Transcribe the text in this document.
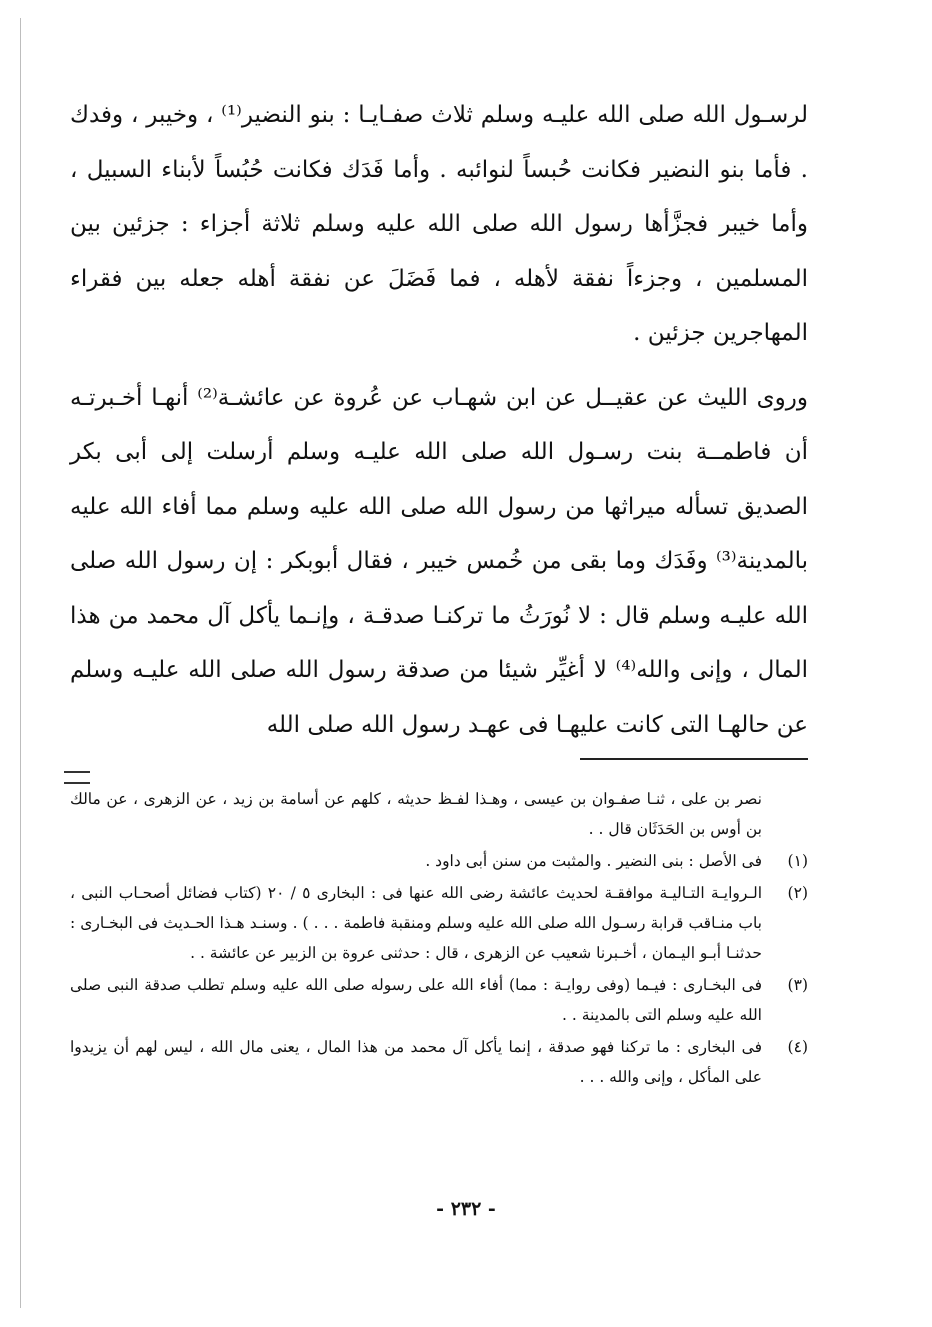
لرسـول الله صلى الله عليـه وسلم ثلاث صفـايـا : بنو النضير⁽¹⁾ ، وخيبر ، وفدك . فأما بنو النضير فكانت حُبساً لنوائبه . وأما فَدَك فكانت حُبُساً لأبناء السبيل ، وأما خيبر فجزَّأها رسول الله صلى الله عليه وسلم ثلاثة أجزاء : جزئين بين المسلمين ، وجزءاً نفقة لأهله ، فما فَضَلَ عن نفقة أهله جعله بين فقراء المهاجرين جزئين .

وروى الليث عن عقيــل عن ابن شهـاب عن عُروة عن عائشـة⁽²⁾ أنهـا أخـبرتـه أن فاطمــة بنت رسـول الله صلى الله عليـه وسلم أرسلت إلى أبى بكر الصديق تسأله ميراثها من رسول الله صلى الله عليه وسلم مما أفاء الله عليه بالمدينة⁽³⁾ وفَدَك وما بقى من خُمس خيبر ، فقال أبوبكر : إن رسول الله صلى الله عليـه وسلم قال : لا نُورَثُ ما تركنـا صدقـة ، وإنـما يأكل آل محمد من هذا المال ، وإنى والله⁽⁴⁾ لا أغيِّر شيئا من صدقة رسول الله صلى الله عليـه وسلم عن حالهـا التى كانت عليهـا فى عهـد رسول الله صلى الله

نصر بن على ، ثنـا صفـوان بن عيسى ، وهـذا لفـظ حديثه ، كلهم عن أسامة بن زيد ، عن الزهرى ، عن مالك بن أوس بن الحَدَثَان قال . .
(١)
فى الأصل : بنى النضير . والمثبت من سنن أبى داود .
(٢)
الـروايـة التـاليـة موافقـة لحديث عائشة رضى الله عنها فى : البخارى ٥ / ٢٠ (كتاب فضائل أصحـاب النبى ، باب منـاقب قرابة رسـول الله صلى الله عليه وسلم ومنقبة فاطمة . . . ) . وسنـد هـذا الحـديث فى البخـارى : حدثنـا أبـو اليـمان ، أخـبرنا شعيب عن الزهرى ، قال : حدثنى عروة بن الزبير عن عائشة . .
(٣)
فى البخـارى : فيـما (وفى روايـة : مما) أفاء الله على رسوله صلى الله عليه وسلم تطلب صدقة النبى صلى الله عليه وسلم التى بالمدينة . .
(٤)
فى البخارى : ما تركنا فهو صدقة ، إنما يأكل آل محمد من هذا المال ، يعنى مال الله ، ليس لهم أن يزيدوا على المأكل ، وإنى والله . . .
- ٢٣٢ -
